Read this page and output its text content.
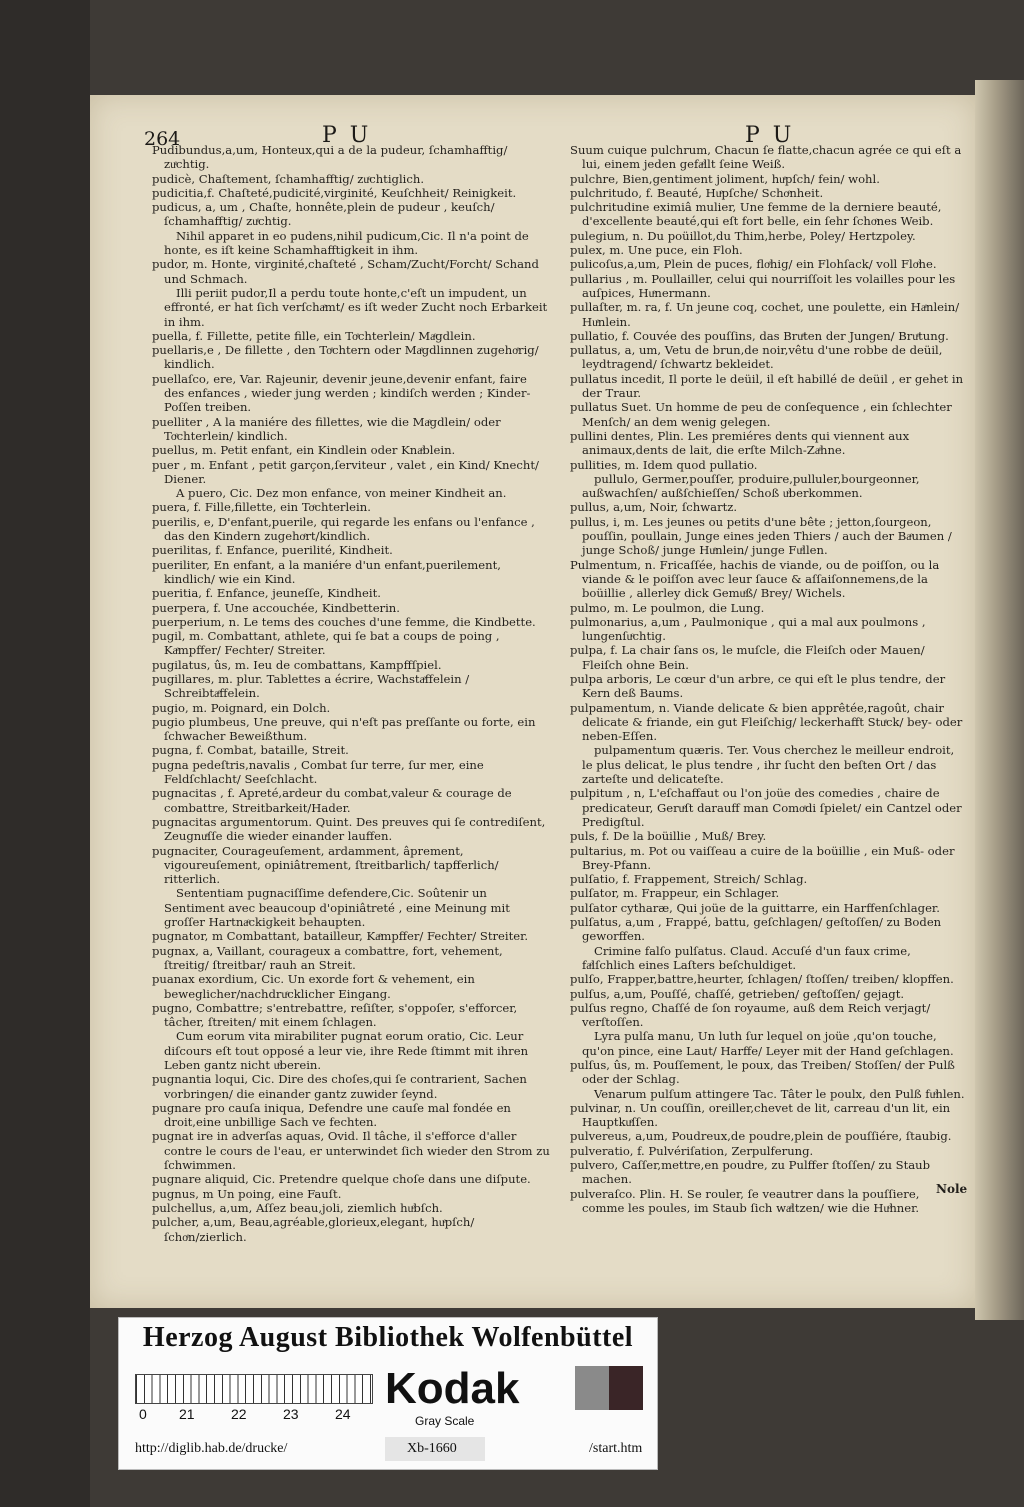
264	P U	P U

Pudibundus,a,um, Honteux,qui a de la pudeur, ſchamhafftig/ zuͤchtig.

pudicè, Chaſtement, ſchamhafftig/ zuͤchtiglich.

pudicitia,f. Chaſteté,pudicité,virginité, Keuſchheit/ Reinigkeit.

pudicus, a, um , Chaſte, honnête,plein de pudeur , keuſch/ ſchamhafftig/ zuͤchtig.

Nihil apparet in eo pudens,nihil pudicum,Cic. Il n'a point de honte, es iſt keine Schamhafftigkeit in ihm.

pudor, m. Honte, virginité,chaſteté , Scham/Zucht/Forcht/ Schand und Schmach.

Illi periit pudor,Il a perdu toute honte,c'eſt un impudent, un effronté, er hat ſich verſchaͤmt/ es iſt weder Zucht noch Erbarkeit in ihm.

puella, f. Fillette, petite fille, ein Toͤchterlein/ Maͤgdlein.

puellaris,e , De fillette , den Toͤchtern oder Maͤgdlinnen zugehoͤrig/ kindlich.

puellaſco, ere, Var. Rajeunir, devenir jeune,devenir enfant, faire des enfances , wieder jung werden ; kindiſch werden ; Kinder-Poſſen treiben.

puelliter , A la maniére des fillettes, wie die Maͤgdlein/ oder Toͤchterlein/ kindlich.

puellus, m. Petit enfant, ein Kindlein oder Knaͤblein.

puer , m. Enfant , petit garçon,ſerviteur , valet , ein Kind/ Knecht/ Diener.

A puero, Cic. Dez mon enfance, von meiner Kindheit an.

puera, f. Fille,fillette, ein Toͤchterlein.

puerilis, e, D'enfant,puerile, qui regarde les enfans ou l'enfance , das den Kindern zugehoͤrt/kindlich.

puerilitas, f. Enfance, puerilité, Kindheit.

pueriliter, En enfant, a la maniére d'un enfant,puerilement, kindlich/ wie ein Kind.

pueritia, f. Enfance, jeuneſſe, Kindheit.

puerpera, f. Une accouchée, Kindbetterin.

puerperium, n. Le tems des couches d'une femme, die Kindbette.

pugil, m. Combattant, athlete, qui ſe bat a coups de poing , Kaͤmpffer/ Fechter/ Streiter.

pugilatus, ûs, m. Ieu de combattans, Kampffſpiel.

pugillares, m. plur. Tablettes a écrire, Wachstaͤffelein / Schreibtaͤffelein.

pugio, m. Poignard, ein Dolch.

pugio plumbeus, Une preuve, qui n'eſt pas preſſante ou forte, ein ſchwacher Beweißthum.

pugna, f. Combat, bataille, Streit.

pugna pedeſtris,navalis , Combat ſur terre, ſur mer, eine Feldſchlacht/ Seeſchlacht.

pugnacitas , f. Apreté,ardeur du combat,valeur & courage de combattre, Streitbarkeit/Hader.

pugnacitas argumentorum. Quint. Des preuves qui ſe contrediſent, Zeugnuͤſſe die wieder einander lauffen.

pugnaciter, Courageuſement, ardamment, âprement, vigoureuſement, opiniâtrement, ſtreitbarlich/ tapfferlich/ ritterlich.

Sententiam pugnaciſſime defendere,Cic. Soûtenir un Sentiment avec beaucoup d'opiniâtreté , eine Meinung mit groſſer Hartnaͤckigkeit behaupten.

pugnator, m Combattant, batailleur, Kaͤmpffer/ Fechter/ Streiter.

pugnax, a, Vaillant, courageux a combattre, fort, vehement, ſtreitig/ ſtreitbar/ rauh an Streit.

puanax exordium, Cic. Un exorde fort & vehement, ein beweglicher/nachdruͤcklicher Eingang.

pugno, Combattre; s'entrebattre, reſiſter, s'oppoſer, s'efforcer, tâcher, ſtreiten/ mit einem ſchlagen.

Cum eorum vita mirabiliter pugnat eorum oratio, Cic. Leur diſcours eſt tout opposé a leur vie, ihre Rede ſtimmt mit ihren Leben gantz nicht uͤberein.

pugnantia loqui, Cic. Dire des choſes,qui ſe contrarient, Sachen vorbringen/ die einander gantz zuwider ſeynd.

pugnare pro cauſa iniqua, Defendre une cauſe mal fondée en droit,eine unbillige Sach ve fechten.

pugnat ire in adverſas aquas, Ovid. Il tâche, il s'efforce d'aller contre le cours de l'eau, er unterwindet ſich wieder den Strom zu ſchwimmen.

pugnare aliquid, Cic. Pretendre quelque choſe dans une diſpute.

pugnus, m Un poing, eine Fauſt.

pulchellus, a,um, Aſſez beau,joli, ziemlich huͤbſch.

pulcher, a,um, Beau,agréable,glorieux,elegant, huͤpſch/ſchoͤn/zierlich.

Suum cuique pulchrum, Chacun ſe flatte,chacun agrée ce qui eſt a lui, einem jeden gefaͤllt ſeine Weiß.

pulchre, Bien,gentiment joliment, huͤpſch/ fein/ wohl.

pulchritudo, f. Beauté, Huͤpſche/ Schoͤnheit.

pulchritudine eximiâ mulier, Une femme de la derniere beauté, d'excellente beauté,qui eſt fort belle, ein ſehr ſchoͤnes Weib.

pulegium, n. Du poüillot,du Thim,herbe, Poley/ Hertzpoley.

pulex, m. Une puce, ein Floh.

pulicoſus,a,um, Plein de puces, floͤhig/ ein Flohſack/ voll Floͤhe.

pullarius , m. Poullailler, celui qui nourriſſoit les volailles pour les auſpices, Huͤnermann.

pullaſter, m. ra, f. Un jeune coq, cochet, une poulette, ein Haͤnlein/ Huͤnlein.

pullatio, f. Couvée des pouſſins, das Bruͤten der Jungen/ Bruͤtung.

pullatus, a, um, Vetu de brun,de noir,vêtu d'une robbe de deüil, leydtragend/ ſchwartz bekleidet.

pullatus incedit, Il porte le deüil, il eſt habillé de deüil , er gehet in der Traur.

pullatus Suet. Un homme de peu de conſequence , ein ſchlechter Menſch/ an dem wenig gelegen.

pullini dentes, Plin. Les premiéres dents qui viennent aux animaux,dents de lait, die erſte Milch-Zaͤhne.

pullities, m. Idem quod pullatio.

pullulo, Germer,pouſſer, produire,pulluler,bourgeonner, außwachſen/ außſchieſſen/ Schoß uͤberkommen.

pullus, a,um, Noir, ſchwartz.

pullus, i, m. Les jeunes ou petits d'une bête ; jetton,ſourgeon, pouſſin, poullain, Junge eines jeden Thiers / auch der Baͤumen / junge Schoß/ junge Huͤnlein/ junge Fuͤllen.

Pulmentum, n. Fricaſſée, hachis de viande, ou de poiſſon, ou la viande & le poiſſon avec leur ſauce & aſſaiſonnemens,de la boüillie , allerley dick Gemuͤß/ Brey/ Wichels.

pulmo, m. Le poulmon, die Lung.

pulmonarius, a,um , Paulmonique , qui a mal aux poulmons , lungenſuͤchtig.

pulpa, f. La chair ſans os, le muſcle, die Fleiſch oder Mauen/ Fleiſch ohne Bein.

pulpa arboris, Le cœur d'un arbre, ce qui eſt le plus tendre, der Kern deß Baums.

pulpamentum, n. Viande delicate & bien apprêtée,ragoût, chair delicate & friande, ein gut Fleiſchig/ leckerhafft Stuͤck/ bey- oder neben-Eſſen.

pulpamentum quæris. Ter. Vous cherchez le meilleur endroit, le plus delicat, le plus tendre , ihr ſucht den beſten Ort / das zarteſte und delicateſte.

pulpitum , n, L'eſchaffaut ou l'on joüe des comedies , chaire de predicateur, Geruͤſt darauff man Comoͤdi ſpielet/ ein Cantzel oder Predigſtul.

puls, f. De la boüillie , Muß/ Brey.

pultarius, m. Pot ou vaiſſeau a cuire de la boüillie , ein Muß- oder Brey-Pfann.

pulſatio, f. Frappement, Streich/ Schlag.

pulſator, m. Frappeur, ein Schlager.

pulſator cytharæ, Qui joüe de la guittarre, ein Harffenſchlager.

pulſatus, a,um , Frappé, battu, geſchlagen/ geſtoſſen/ zu Boden geworffen.

Crimine falſo pulſatus. Claud. Accuſé d'un faux crime, faͤlſchlich eines Laſters beſchuldiget.

pulſo, Frapper,battre,heurter, ſchlagen/ ſtoſſen/ treiben/ klopffen.

pulſus, a,um, Pouſſé, chaſſé, getrieben/ geſtoſſen/ gejagt.

pulſus regno, Chaſſé de ſon royaume, auß dem Reich verjagt/ verſtoſſen.

Lyra pulſa manu, Un luth ſur lequel on joüe ,qu'on touche, qu'on pince, eine Laut/ Harffe/ Leyer mit der Hand geſchlagen.

pulſus, ûs, m. Pouſſement, le poux, das Treiben/ Stoſſen/ der Pulß oder der Schlag.

Venarum pulſum attingere Tac. Tâter le poulx, den Pulß fuͤhlen.

pulvinar, n. Un couſſin, oreiller,chevet de lit, carreau d'un lit, ein Hauptkuͤſſen.

pulvereus, a,um, Poudreux,de poudre,plein de pouſſiére, ſtaubig.

pulveratio, f. Pulvériſation, Zerpulferung.

pulvero, Caſſer,mettre,en poudre, zu Pulffer ſtoſſen/ zu Staub machen.

pulveraſco. Plin. H. Se rouler, ſe veautrer dans la pouſſiere, comme les poules, im Staub ſich waͤltzen/ wie die Huͤhner.

Nole
Herzog August Bibliothek Wolfenbüttel
0 21	22	23	24
Kodak
Gray Scale
http://diglib.hab.de/drucke/	Xb-1660	/start.htm
